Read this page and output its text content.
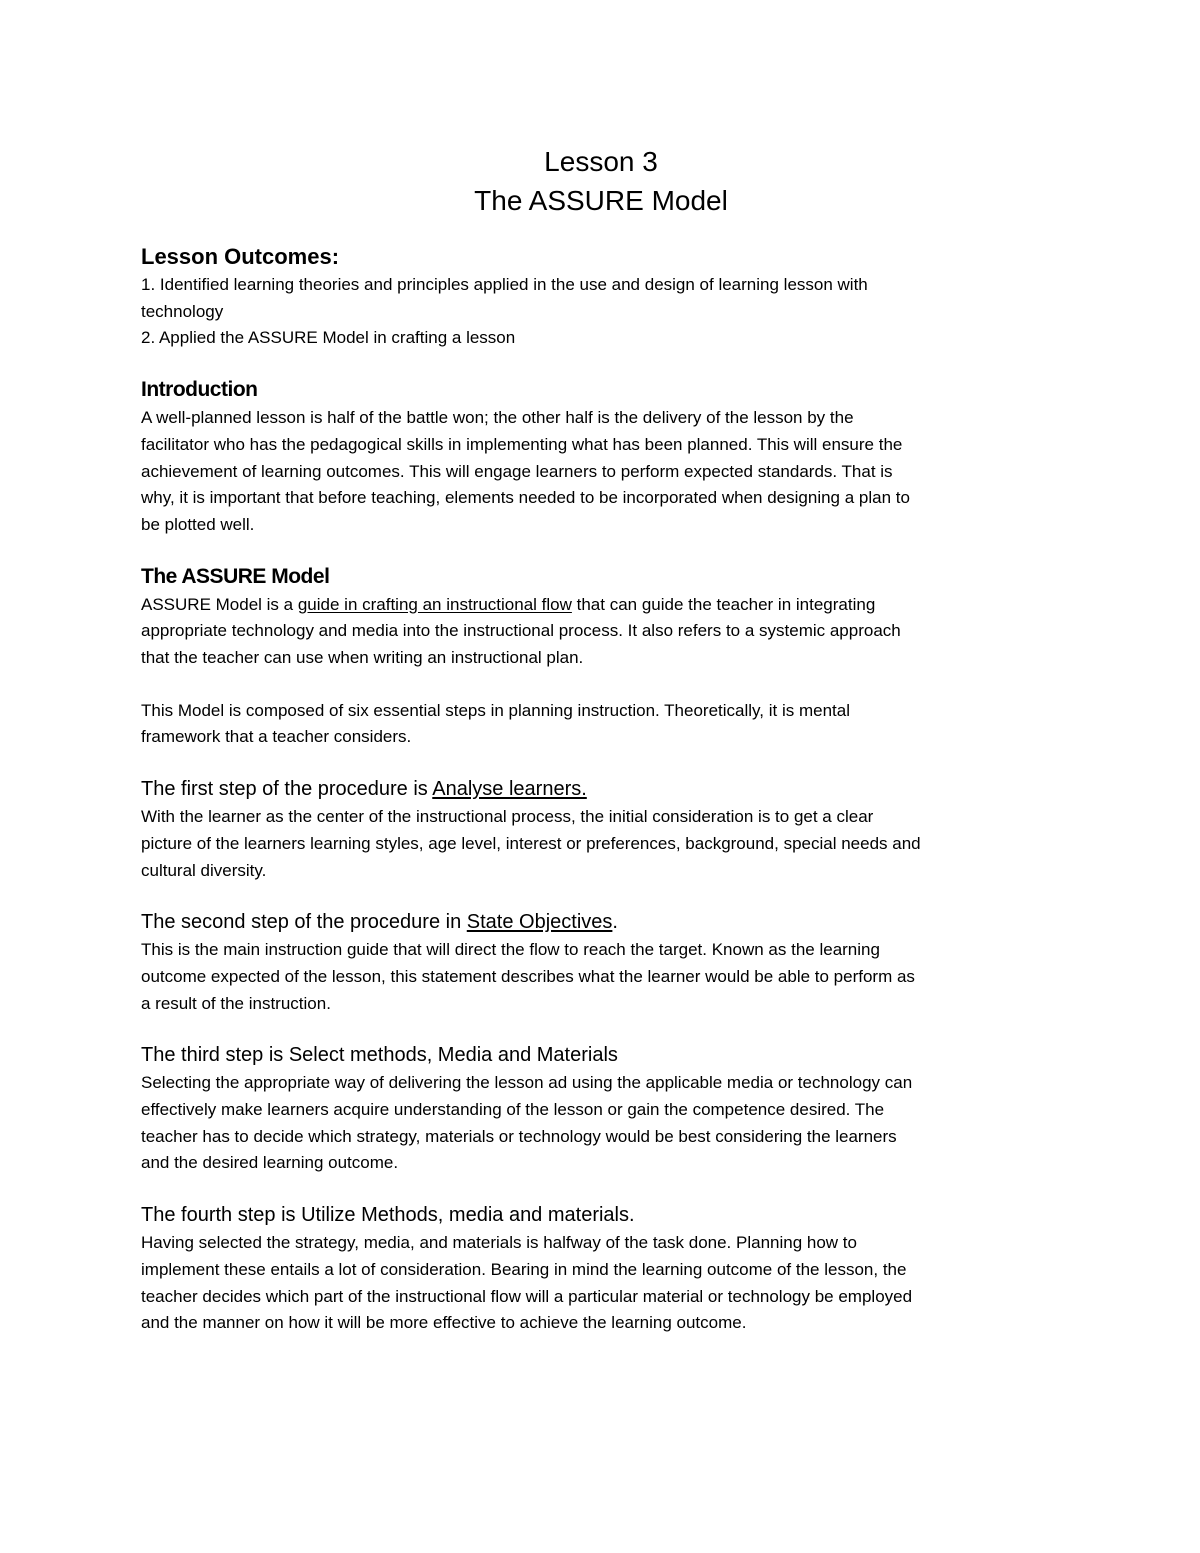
Lesson 3
The ASSURE Model
Lesson Outcomes:

1. Identified learning theories and principles applied in the use and design of learning lesson with
technology
2. Applied the ASSURE Model in crafting a lesson

Introduction

A well-planned lesson is half of the battle won; the other half is the delivery of the lesson by the
facilitator who has the pedagogical skills in implementing what has been planned. This will ensure the
achievement of learning outcomes. This will engage learners to perform expected standards. That is
why, it is important that before teaching, elements needed to be incorporated when designing a plan to
be plotted well.

The ASSURE Model

ASSURE Model is a guide in crafting an instructional flow that can guide the teacher in integrating
appropriate technology and media into the instructional process. It also refers to a systemic approach
that the teacher can use when writing an instructional plan.

This Model is composed of six essential steps in planning instruction. Theoretically, it is mental
framework that a teacher considers.

The first step of the procedure is Analyse learners.

With the learner as the center of the instructional process, the initial consideration is to get a clear
picture of the learners learning styles, age level, interest or preferences, background, special needs and
cultural diversity.

The second step of the procedure in State Objectives.

This is the main instruction guide that will direct the flow to reach the target. Known as the learning
outcome expected of the lesson, this statement describes what the learner would be able to perform as
a result of the instruction.

The third step is Select methods, Media and Materials

Selecting the appropriate way of delivering the lesson ad using the applicable media or technology can
effectively make learners acquire understanding of the lesson or gain the competence desired. The
teacher has to decide which strategy, materials or technology would be best considering the learners
and the desired learning outcome.

The fourth step is Utilize Methods, media and materials.

Having selected the strategy, media, and materials is halfway of the task done. Planning how to
implement these entails a lot of consideration. Bearing in mind the learning outcome of the lesson, the
teacher decides which part of the instructional flow will a particular material or technology be employed
and the manner on how it will be more effective to achieve the learning outcome.
